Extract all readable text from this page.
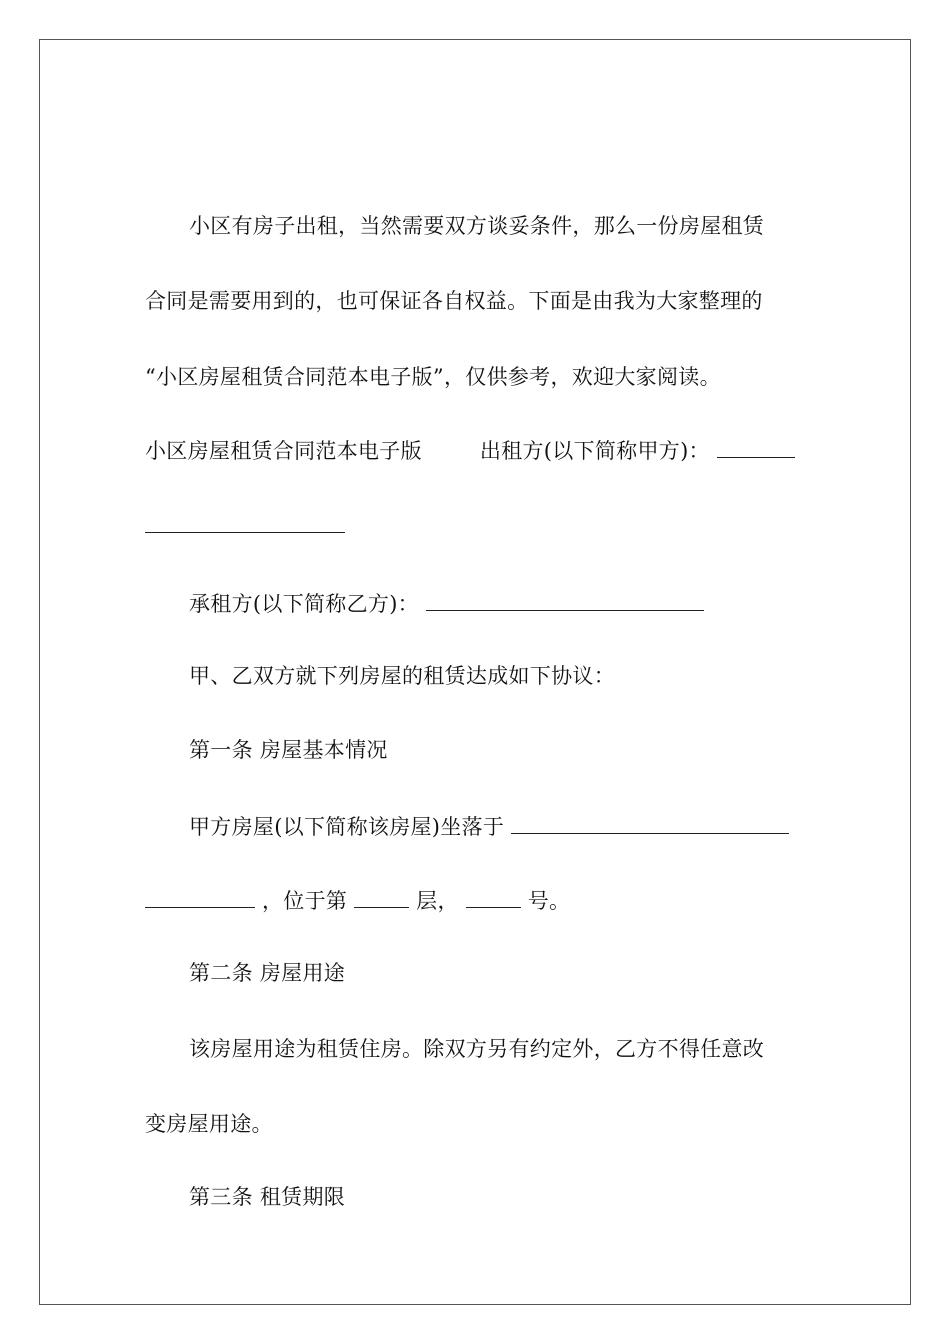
小区有房子出租，当然需要双方谈妥条件，那么一份房屋租赁
合同是需要用到的，也可保证各自权益。下面是由我为大家整理的
“小区房屋租赁合同范本电子版”，仅供参考，欢迎大家阅读。
小区房屋租赁合同范本电子版	出租方(以下简称甲方)：
承租方(以下简称乙方)：
甲、乙双方就下列房屋的租赁达成如下协议：
第一条 房屋基本情况
甲方房屋(以下简称该房屋)坐落于
，位于第	层，	号。
第二条 房屋用途
该房屋用途为租赁住房。除双方另有约定外，乙方不得任意改
变房屋用途。
第三条 租赁期限
